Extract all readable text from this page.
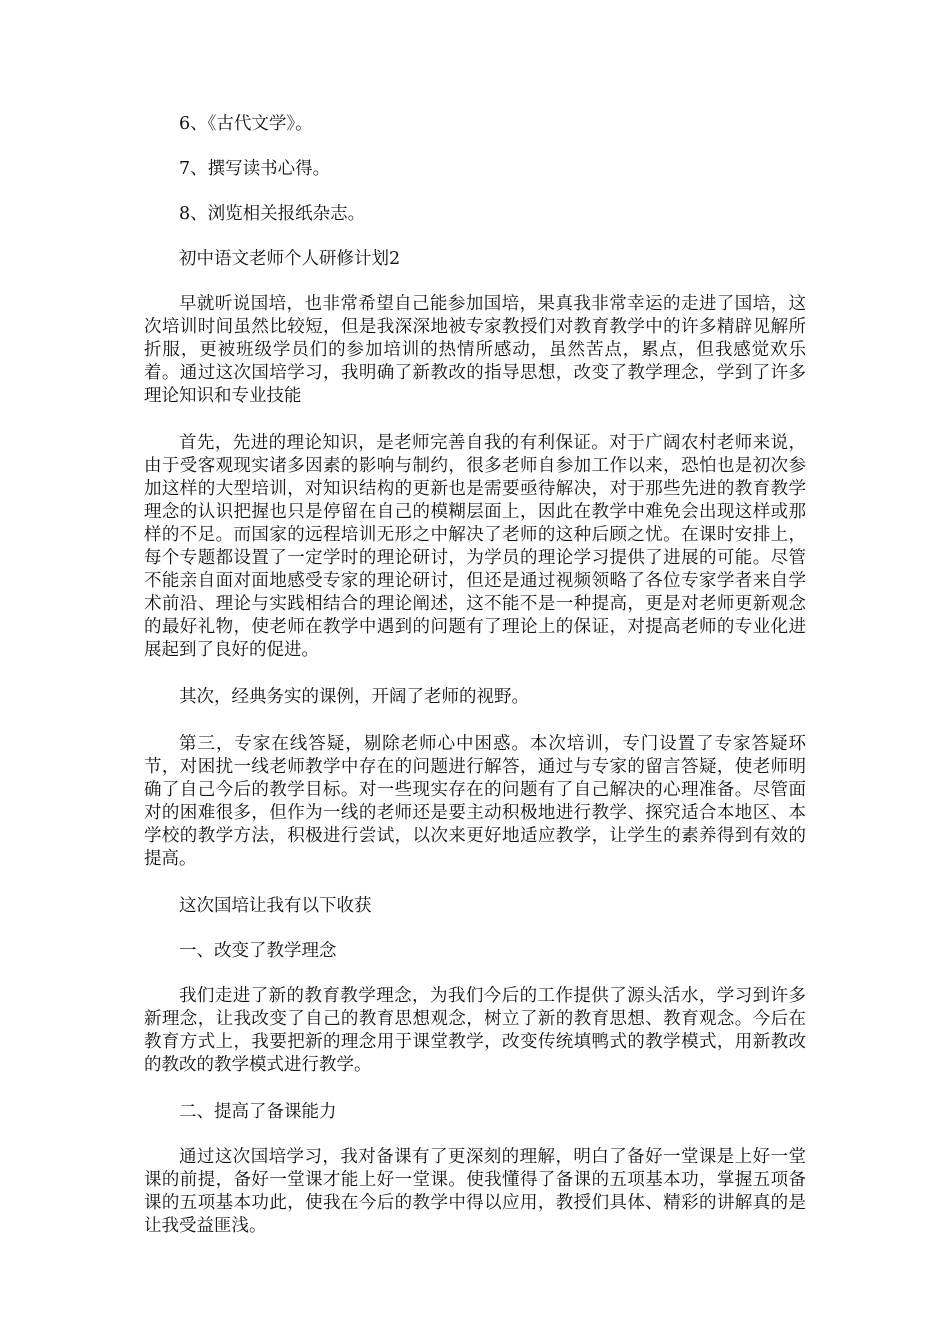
6、《古代文学》。

7、撰写读书心得。

8、浏览相关报纸杂志。

初中语文老师个人研修计划2

早就听说国培，也非常希望自己能参加国培，果真我非常幸运的走进了国培，这次培训时间虽然比较短，但是我深深地被专家教授们对教育教学中的许多精辟见解所折服，更被班级学员们的参加培训的热情所感动，虽然苦点，累点，但我感觉欢乐着。通过这次国培学习，我明确了新教改的指导思想，改变了教学理念，学到了许多理论知识和专业技能

首先，先进的理论知识，是老师完善自我的有利保证。对于广阔农村老师来说，由于受客观现实诸多因素的影响与制约，很多老师自参加工作以来，恐怕也是初次参加这样的大型培训，对知识结构的更新也是需要亟待解决，对于那些先进的教育教学理念的认识把握也只是停留在自己的模糊层面上，因此在教学中难免会出现这样或那样的不足。而国家的远程培训无形之中解决了老师的这种后顾之忧。在课时安排上，每个专题都设置了一定学时的理论研讨，为学员的理论学习提供了进展的可能。尽管不能亲自面对面地感受专家的理论研讨，但还是通过视频领略了各位专家学者来自学术前沿、理论与实践相结合的理论阐述，这不能不是一种提高，更是对老师更新观念的最好礼物，使老师在教学中遇到的问题有了理论上的保证，对提高老师的专业化进展起到了良好的促进。

其次，经典务实的课例，开阔了老师的视野。

第三，专家在线答疑，剔除老师心中困惑。本次培训，专门设置了专家答疑环节，对困扰一线老师教学中存在的问题进行解答，通过与专家的留言答疑，使老师明确了自己今后的教学目标。对一些现实存在的问题有了自己解决的心理准备。尽管面对的困难很多，但作为一线的老师还是要主动积极地进行教学、探究适合本地区、本学校的教学方法，积极进行尝试，以次来更好地适应教学，让学生的素养得到有效的提高。

这次国培让我有以下收获

一、改变了教学理念

我们走进了新的教育教学理念，为我们今后的工作提供了源头活水，学习到许多新理念，让我改变了自己的教育思想观念，树立了新的教育思想、教育观念。今后在教育方式上，我要把新的理念用于课堂教学，改变传统填鸭式的教学模式，用新教改的教改的教学模式进行教学。

二、提高了备课能力

通过这次国培学习，我对备课有了更深刻的理解，明白了备好一堂课是上好一堂课的前提，备好一堂课才能上好一堂课。使我懂得了备课的五项基本功，掌握五项备课的五项基本功此，使我在今后的教学中得以应用，教授们具体、精彩的讲解真的是让我受益匪浅。
